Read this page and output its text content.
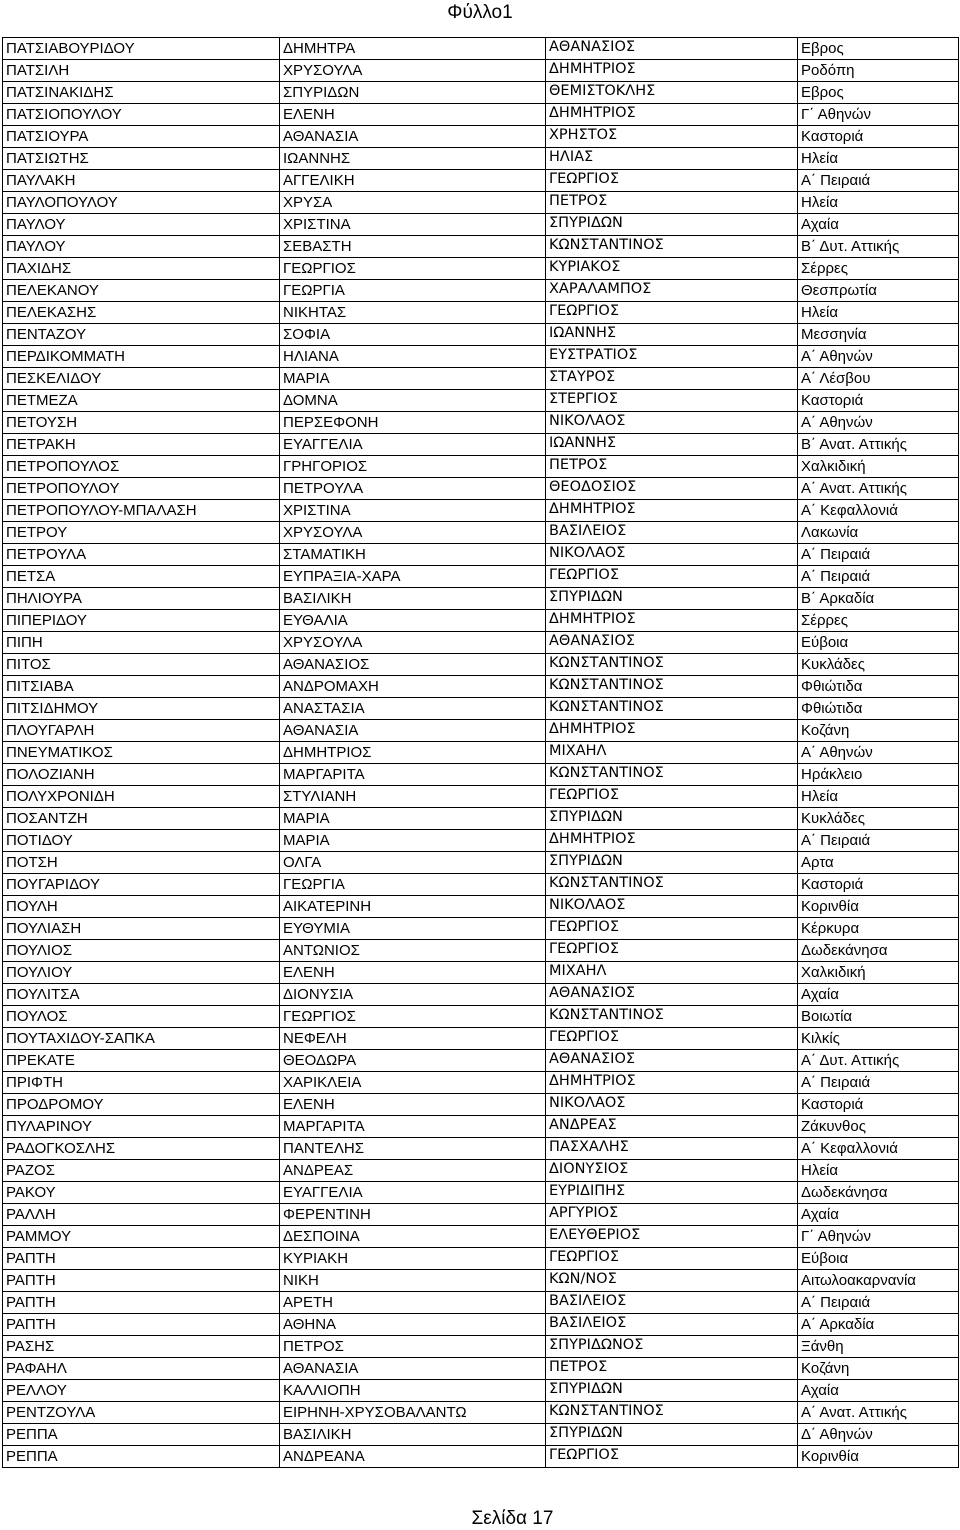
Φύλλο1
ΠΑΤΣΙΑΒΟΥΡΙΔΟΥ	ΔΗΜΗΤΡΑ	ΑΘΑΝΑΣΙΟΣ	Εβρος
ΠΑΤΣΙΛΗ	ΧΡΥΣΟΥΛΑ	ΔΗΜΗΤΡΙΟΣ	Ροδόπη
ΠΑΤΣΙΝΑΚΙΔΗΣ	ΣΠΥΡΙΔΩΝ	ΘΕΜΙΣΤΟΚΛΗΣ	Εβρος
ΠΑΤΣΙΟΠΟΥΛΟΥ	ΕΛΕΝΗ	ΔΗΜΗΤΡΙΟΣ	Γ΄ Αθηνών
ΠΑΤΣΙΟΥΡΑ	ΑΘΑΝΑΣΙΑ	ΧΡΗΣΤΟΣ	Καστοριά
ΠΑΤΣΙΩΤΗΣ	ΙΩΑΝΝΗΣ	ΗΛΙΑΣ	Ηλεία
ΠΑΥΛΑΚΗ	ΑΓΓΕΛΙΚΗ	ΓΕΩΡΓΙΟΣ	Α΄ Πειραιά
ΠΑΥΛΟΠΟΥΛΟΥ	ΧΡΥΣΑ	ΠΕΤΡΟΣ	Ηλεία
ΠΑΥΛΟΥ	ΧΡΙΣΤΙΝΑ	ΣΠΥΡΙΔΩΝ	Αχαία
ΠΑΥΛΟΥ	ΣΕΒΑΣΤΗ	ΚΩΝΣΤΑΝΤΙΝΟΣ	Β΄ Δυτ. Αττικής
ΠΑΧΙΔΗΣ	ΓΕΩΡΓΙΟΣ	ΚΥΡΙΑΚΟΣ	Σέρρες
ΠΕΛΕΚΑΝΟΥ	ΓΕΩΡΓΙΑ	ΧΑΡΑΛΑΜΠΟΣ	Θεσπρωτία
ΠΕΛΕΚΑΣΗΣ	ΝΙΚΗΤΑΣ	ΓΕΩΡΓΙΟΣ	Ηλεία
ΠΕΝΤΑΖΟΥ	ΣΟΦΙΑ	ΙΩΑΝΝΗΣ	Μεσσηνία
ΠΕΡΔΙΚΟΜΜΑΤΗ	ΗΛΙΑΝΑ	ΕΥΣΤΡΑΤΙΟΣ	Α΄ Αθηνών
ΠΕΣΚΕΛΙΔΟΥ	ΜΑΡΙΑ	ΣΤΑΥΡΟΣ	Α΄ Λέσβου
ΠΕΤΜΕΖΑ	ΔΟΜΝΑ	ΣΤΕΡΓΙΟΣ	Καστοριά
ΠΕΤΟΥΣΗ	ΠΕΡΣΕΦΟΝΗ	ΝΙΚΟΛΑΟΣ	Α΄ Αθηνών
ΠΕΤΡΑΚΗ	ΕΥΑΓΓΕΛΙΑ	ΙΩΑΝΝΗΣ	Β΄ Ανατ. Αττικής
ΠΕΤΡΟΠΟΥΛΟΣ	ΓΡΗΓΟΡΙΟΣ	ΠΕΤΡΟΣ	Χαλκιδική
ΠΕΤΡΟΠΟΥΛΟΥ	ΠΕΤΡΟΥΛΑ	ΘΕΟΔΟΣΙΟΣ	Α΄ Ανατ. Αττικής
ΠΕΤΡΟΠΟΥΛΟΥ-ΜΠΑΛΑΣΗ	ΧΡΙΣΤΙΝΑ	ΔΗΜΗΤΡΙΟΣ	Α΄ Κεφαλλονιά
ΠΕΤΡΟΥ	ΧΡΥΣΟΥΛΑ	ΒΑΣΙΛΕΙΟΣ	Λακωνία
ΠΕΤΡΟΥΛΑ	ΣΤΑΜΑΤΙΚΗ	ΝΙΚΟΛΑΟΣ	Α΄ Πειραιά
ΠΕΤΣΑ	ΕΥΠΡΑΞΙΑ-ΧΑΡΑ	ΓΕΩΡΓΙΟΣ	Α΄ Πειραιά
ΠΗΛΙΟΥΡΑ	ΒΑΣΙΛΙΚΗ	ΣΠΥΡΙΔΩΝ	Β΄ Αρκαδία
ΠΙΠΕΡΙΔΟΥ	ΕΥΘΑΛΙΑ	ΔΗΜΗΤΡΙΟΣ	Σέρρες
ΠΙΠΗ	ΧΡΥΣΟΥΛΑ	ΑΘΑΝΑΣΙΟΣ	Εύβοια
ΠΙΤΟΣ	ΑΘΑΝΑΣΙΟΣ	ΚΩΝΣΤΑΝΤΙΝΟΣ	Κυκλάδες
ΠΙΤΣΙΑΒΑ	ΑΝΔΡΟΜΑΧΗ	ΚΩΝΣΤΑΝΤΙΝΟΣ	Φθιώτιδα
ΠΙΤΣΙΔΗΜΟΥ	ΑΝΑΣΤΑΣΙΑ	ΚΩΝΣΤΑΝΤΙΝΟΣ	Φθιώτιδα
ΠΛΟΥΓΑΡΛΗ	ΑΘΑΝΑΣΙΑ	ΔΗΜΗΤΡΙΟΣ	Κοζάνη
ΠΝΕΥΜΑΤΙΚΟΣ	ΔΗΜΗΤΡΙΟΣ	ΜΙΧΑΗΛ	Α΄ Αθηνών
ΠΟΛΟΖΙΑΝΗ	ΜΑΡΓΑΡΙΤΑ	ΚΩΝΣΤΑΝΤΙΝΟΣ	Ηράκλειο
ΠΟΛΥΧΡΟΝΙΔΗ	ΣΤΥΛΙΑΝΗ	ΓΕΩΡΓΙΟΣ	Ηλεία
ΠΟΣΑΝΤΖΗ	ΜΑΡΙΑ	ΣΠΥΡΙΔΩΝ	Κυκλάδες
ΠΟΤΙΔΟΥ	ΜΑΡΙΑ	ΔΗΜΗΤΡΙΟΣ	Α΄ Πειραιά
ΠΟΤΣΗ	ΟΛΓΑ	ΣΠΥΡΙΔΩΝ	Αρτα
ΠΟΥΓΑΡΙΔΟΥ	ΓΕΩΡΓΙΑ	ΚΩΝΣΤΑΝΤΙΝΟΣ	Καστοριά
ΠΟΥΛΗ	ΑΙΚΑΤΕΡΙΝΗ	ΝΙΚΟΛΑΟΣ	Κορινθία
ΠΟΥΛΙΑΣΗ	ΕΥΘΥΜΙΑ	ΓΕΩΡΓΙΟΣ	Κέρκυρα
ΠΟΥΛΙΟΣ	ΑΝΤΩΝΙΟΣ	ΓΕΩΡΓΙΟΣ	Δωδεκάνησα
ΠΟΥΛΙΟΥ	ΕΛΕΝΗ	ΜΙΧΑΗΛ	Χαλκιδική
ΠΟΥΛΙΤΣΑ	ΔΙΟΝΥΣΙΑ	ΑΘΑΝΑΣΙΟΣ	Αχαία
ΠΟΥΛΟΣ	ΓΕΩΡΓΙΟΣ	ΚΩΝΣΤΑΝΤΙΝΟΣ	Βοιωτία
ΠΟΥΤΑΧΙΔΟΥ-ΣΑΠΚΑ	ΝΕΦΕΛΗ	ΓΕΩΡΓΙΟΣ	Κιλκίς
ΠΡΕΚΑΤΕ	ΘΕΟΔΩΡΑ	ΑΘΑΝΑΣΙΟΣ	Α΄ Δυτ. Αττικής
ΠΡΙΦΤΗ	ΧΑΡΙΚΛΕΙΑ	ΔΗΜΗΤΡΙΟΣ	Α΄ Πειραιά
ΠΡΟΔΡΟΜΟΥ	ΕΛΕΝΗ	ΝΙΚΟΛΑΟΣ	Καστοριά
ΠΥΛΑΡΙΝΟΥ	ΜΑΡΓΑΡΙΤΑ	ΑΝΔΡΕΑΣ	Ζάκυνθος
ΡΑΔΟΓΚΟΣΛΗΣ	ΠΑΝΤΕΛΗΣ	ΠΑΣΧΑΛΗΣ	Α΄ Κεφαλλονιά
ΡΑΖΟΣ	ΑΝΔΡΕΑΣ	ΔΙΟΝΥΣΙΟΣ	Ηλεία
ΡΑΚΟΥ	ΕΥΑΓΓΕΛΙΑ	ΕΥΡΙΔΙΠΗΣ	Δωδεκάνησα
ΡΑΛΛΗ	ΦΕΡΕΝΤΙΝΗ	ΑΡΓΥΡΙΟΣ	Αχαία
ΡΑΜΜΟΥ	ΔΕΣΠΟΙΝΑ	ΕΛΕΥΘΕΡΙΟΣ	Γ΄ Αθηνών
ΡΑΠΤΗ	ΚΥΡΙΑΚΗ	ΓΕΩΡΓΙΟΣ	Εύβοια
ΡΑΠΤΗ	ΝΙΚΗ	ΚΩΝ/ΝΟΣ	Αιτωλοακαρνανία
ΡΑΠΤΗ	ΑΡΕΤΗ	ΒΑΣΙΛΕΙΟΣ	Α΄ Πειραιά
ΡΑΠΤΗ	ΑΘΗΝΑ	ΒΑΣΙΛΕΙΟΣ	Α΄ Αρκαδία
ΡΑΣΗΣ	ΠΕΤΡΟΣ	ΣΠΥΡΙΔΩΝΟΣ	Ξάνθη
ΡΑΦΑΗΛ	ΑΘΑΝΑΣΙΑ	ΠΕΤΡΟΣ	Κοζάνη
ΡΕΛΛΟΥ	ΚΑΛΛΙΟΠΗ	ΣΠΥΡΙΔΩΝ	Αχαία
ΡΕΝΤΖΟΥΛΑ	ΕΙΡΗΝΗ-ΧΡΥΣΟΒΑΛΑΝΤΩ	ΚΩΝΣΤΑΝΤΙΝΟΣ	Α΄ Ανατ. Αττικής
ΡΕΠΠΑ	ΒΑΣΙΛΙΚΗ	ΣΠΥΡΙΔΩΝ	Δ΄ Αθηνών
ΡΕΠΠΑ	ΑΝΔΡΕΑΝΑ	ΓΕΩΡΓΙΟΣ	Κορινθία
Σελίδα 17
